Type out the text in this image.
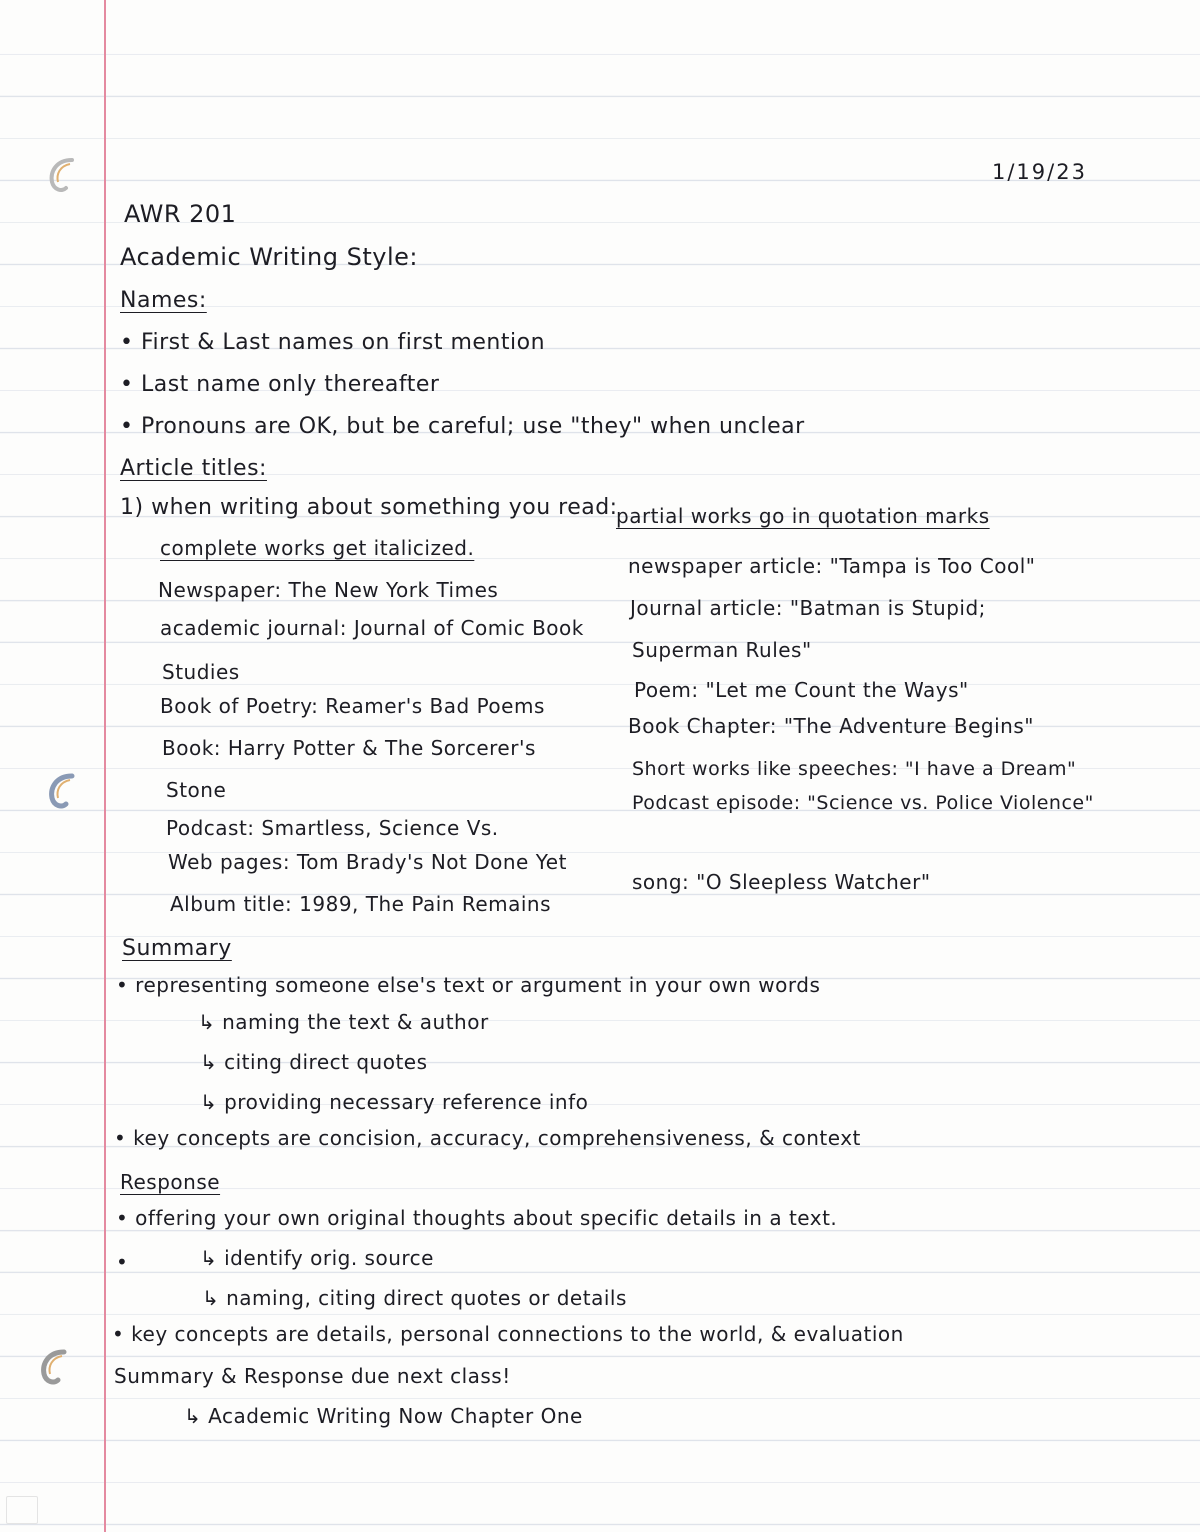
1/19/23
AWR 201
Academic Writing Style:
Names:
• First & Last names on first mention
• Last name only thereafter
• Pronouns are OK, but be careful; use "they" when unclear
Article titles:
1) when writing about something you read:
complete works get italicized.
Newspaper: The New York Times
academic journal: Journal of Comic Book
Studies
Book of Poetry: Reamer's Bad Poems
Book: Harry Potter & The Sorcerer's
Stone
Podcast: Smartless, Science Vs.
Web pages: Tom Brady's Not Done Yet
Album title: 1989, The Pain Remains
partial works go in quotation marks
newspaper article: "Tampa is Too Cool"
Journal article: "Batman is Stupid;
Superman Rules"
Poem: "Let me Count the Ways"
Book Chapter: "The Adventure Begins"
Short works like speeches: "I have a Dream"
Podcast episode: "Science vs. Police Violence"
song: "O Sleepless Watcher"
Summary
• representing someone else's text or argument in your own words
↳ naming the text & author
↳ citing direct quotes
↳ providing necessary reference info
• key concepts are concision, accuracy, comprehensiveness, & context
Response
• offering your own original thoughts about specific details in a text.
•	↳ identify orig. source
↳ naming, citing direct quotes or details
• key concepts are details, personal connections to the world, & evaluation
Summary & Response due next class!
↳ Academic Writing Now Chapter One
